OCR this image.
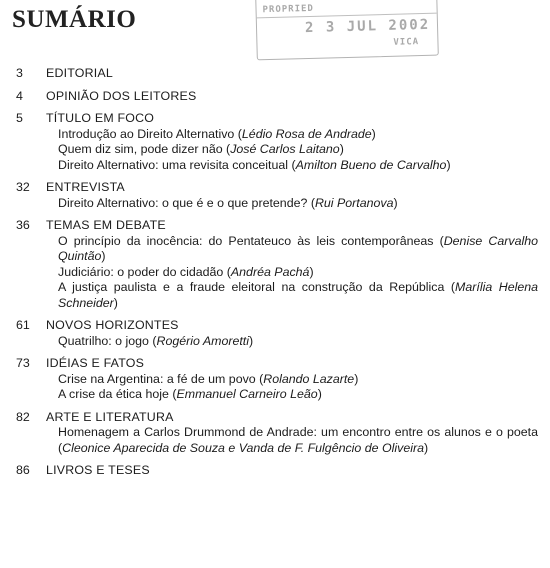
SUMÁRIO	PROPRIED
2 3 JUL 2002
VICA
3	EDITORIAL
4	OPINIÃO DOS LEITORES
5	TÍTULO EM FOCO
Introdução ao Direito Alternativo (Lédio Rosa de Andrade)
Quem diz sim, pode dizer não (José Carlos Laitano)
Direito Alternativo: uma revisita conceitual (Amilton Bueno de Carvalho)
32	ENTREVISTA
Direito Alternativo: o que é e o que pretende? (Rui Portanova)
36	TEMAS EM DEBATE
O princípio da inocência: do Pentateuco às leis contemporâneas (Denise Carvalho Quintão)
Judiciário: o poder do cidadão (Andréa Pachá)
A justiça paulista e a fraude eleitoral na construção da República (Marília Helena Schneider)
61	NOVOS HORIZONTES
Quatrilho: o jogo (Rogério Amoretti)
73	IDÉIAS E FATOS
Crise na Argentina: a fé de um povo (Rolando Lazarte)
A crise da ética hoje (Emmanuel Carneiro Leão)
82	ARTE E LITERATURA
Homenagem a Carlos Drummond de Andrade: um encontro entre os alunos e o poeta (Cleonice Aparecida de Souza e Vanda de F. Fulgêncio de Oliveira)
86	LIVROS E TESES
